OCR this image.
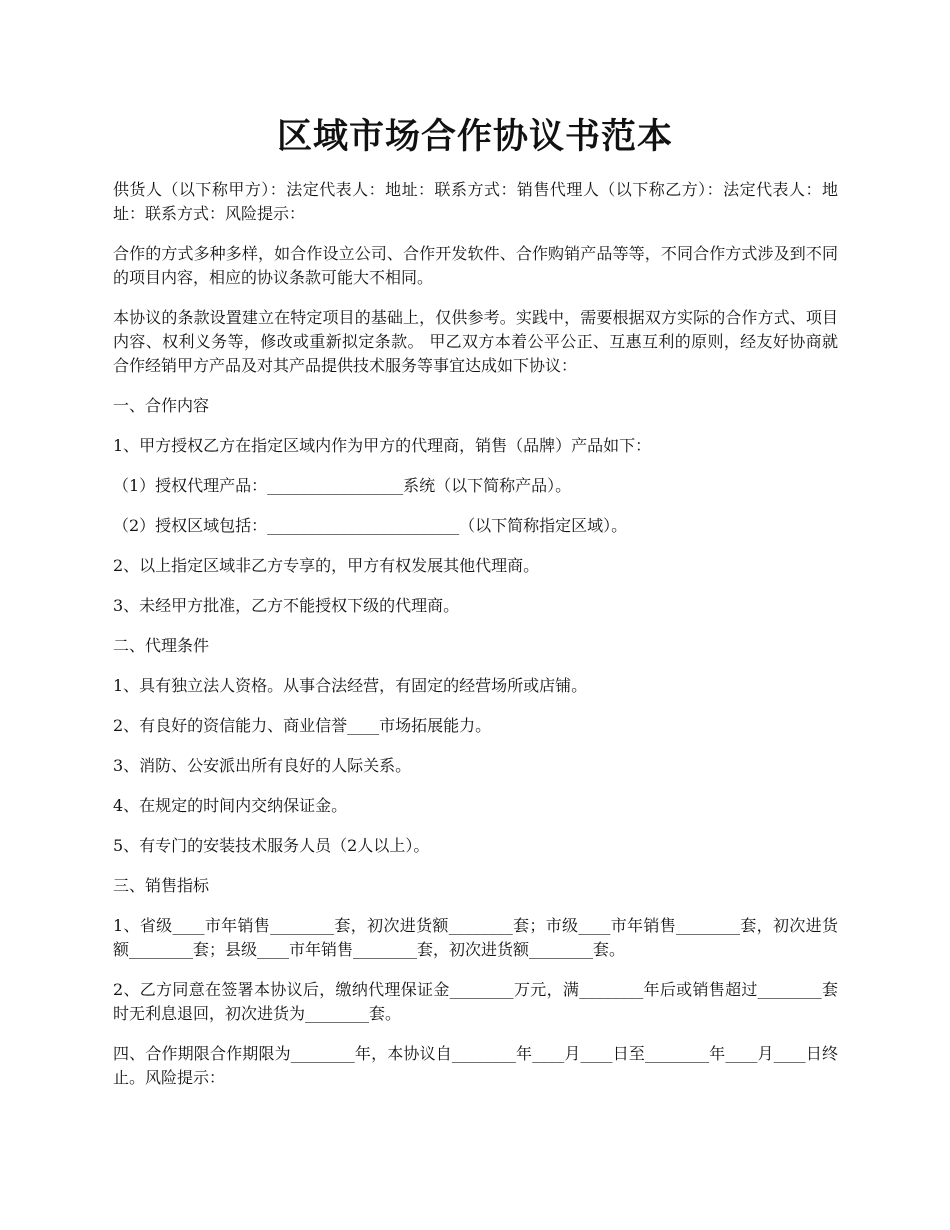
区域市场合作协议书范本

供货人（以下称甲方）：法定代表人：地址：联系方式：销售代理人（以下称乙方）：法定代表人：地址：联系方式：风险提示：

合作的方式多种多样，如合作设立公司、合作开发软件、合作购销产品等等，不同合作方式涉及到不同的项目内容，相应的协议条款可能大不相同。

本协议的条款设置建立在特定项目的基础上，仅供参考。实践中，需要根据双方实际的合作方式、项目内容、权利义务等，修改或重新拟定条款。 甲乙双方本着公平公正、互惠互利的原则，经友好协商就合作经销甲方产品及对其产品提供技术服务等事宜达成如下协议：

一、合作内容

1、甲方授权乙方在指定区域内作为甲方的代理商，销售（品牌）产品如下：

（1）授权代理产品：_________________系统（以下简称产品）。

（2）授权区域包括：________________________（以下简称指定区域）。

2、以上指定区域非乙方专享的，甲方有权发展其他代理商。

3、未经甲方批准，乙方不能授权下级的代理商。

二、代理条件

1、具有独立法人资格。从事合法经营，有固定的经营场所或店铺。

2、有良好的资信能力、商业信誉____市场拓展能力。

3、消防、公安派出所有良好的人际关系。

4、在规定的时间内交纳保证金。

5、有专门的安装技术服务人员（2人以上）。

三、销售指标

1、省级____市年销售________套，初次进货额________套；市级____市年销售________套，初次进货额________套；县级____市年销售________套，初次进货额________套。

2、乙方同意在签署本协议后，缴纳代理保证金________万元，满________年后或销售超过________套时无利息退回，初次进货为________套。

四、合作期限合作期限为________年，本协议自________年____月____日至________年____月____日终止。风险提示：
